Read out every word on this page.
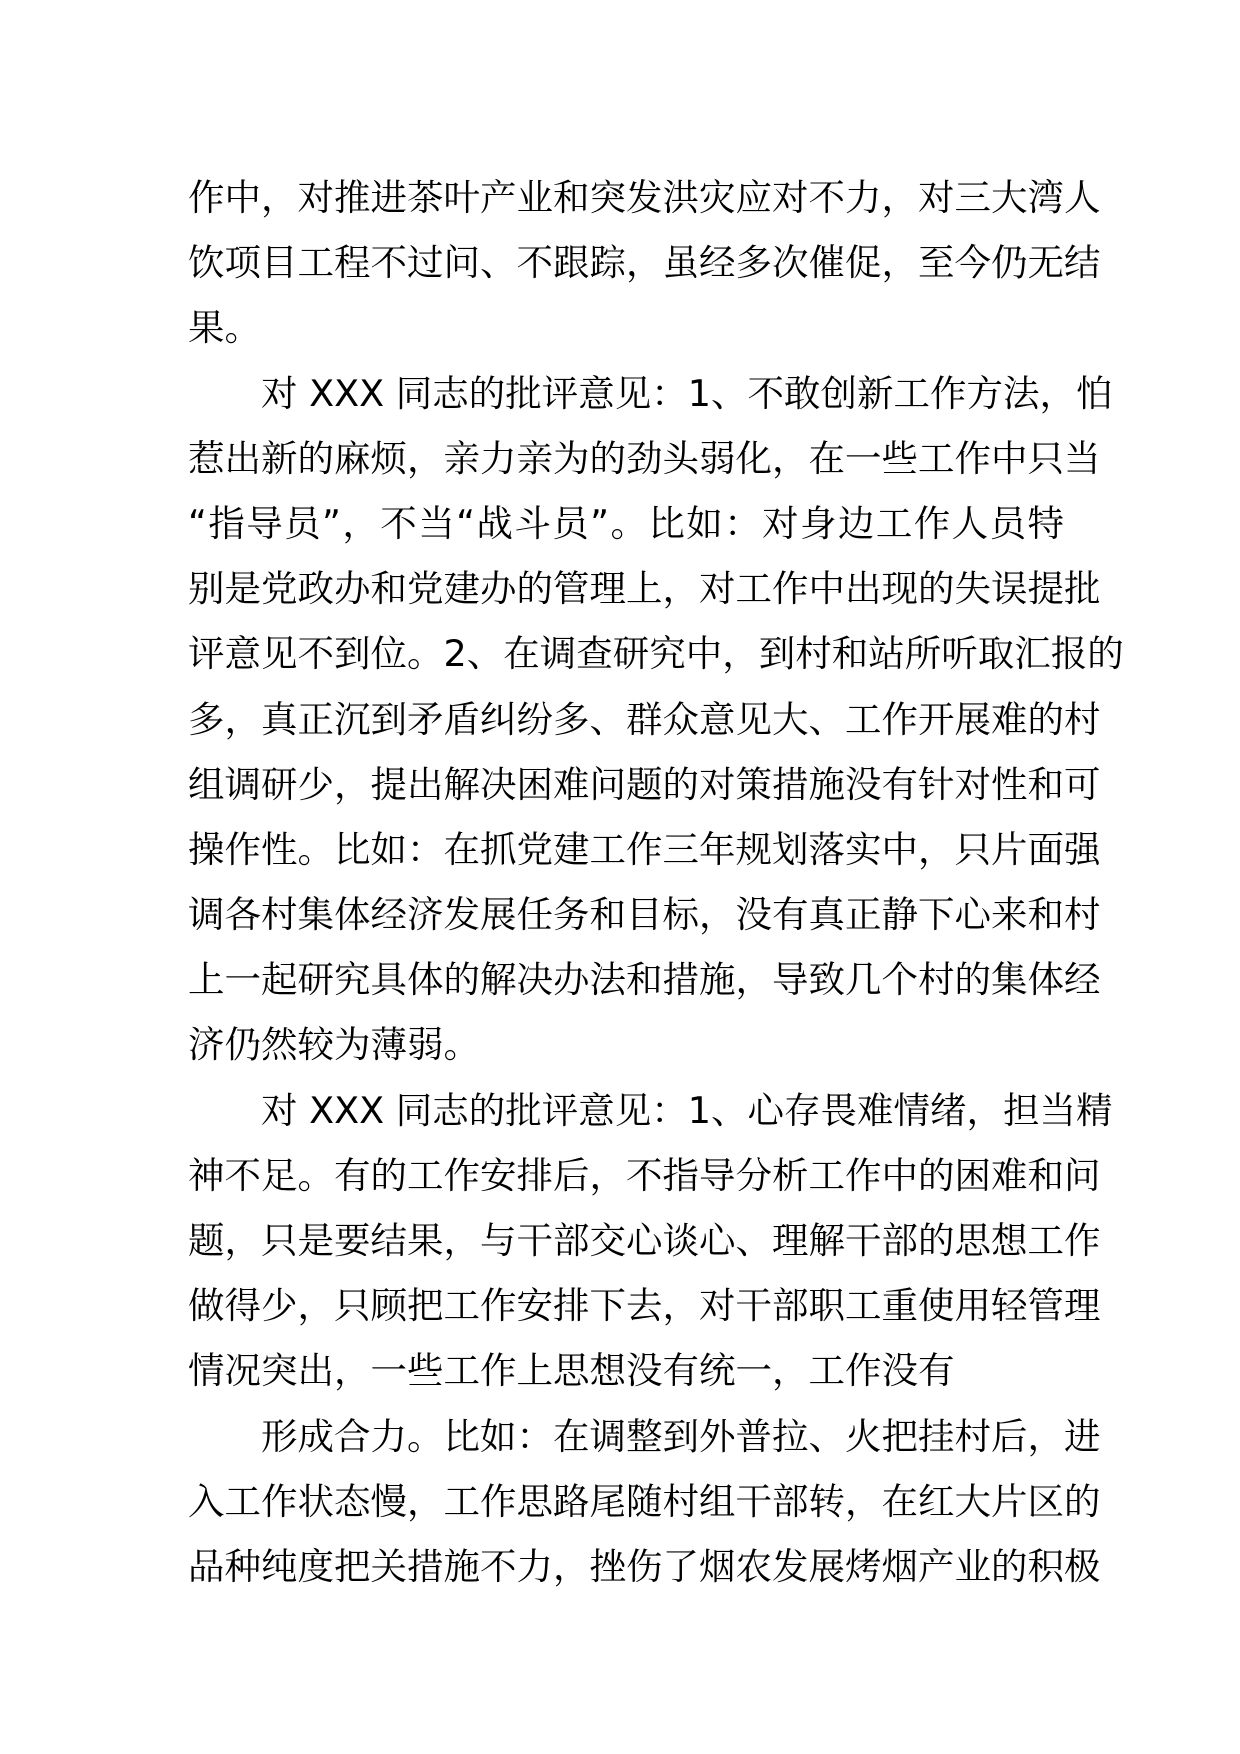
作中，对推进茶叶产业和突发洪灾应对不力，对三大湾人
饮项目工程不过问、不跟踪，虽经多次催促，至今仍无结
果。
对 XXX 同志的批评意见：1、不敢创新工作方法，怕
惹出新的麻烦，亲力亲为的劲头弱化，在一些工作中只当
“指导员”，不当“战斗员”。比如：对身边工作人员特
别是党政办和党建办的管理上，对工作中出现的失误提批
评意见不到位。2、在调查研究中，到村和站所听取汇报的
多，真正沉到矛盾纠纷多、群众意见大、工作开展难的村
组调研少，提出解决困难问题的对策措施没有针对性和可
操作性。比如：在抓党建工作三年规划落实中，只片面强
调各村集体经济发展任务和目标，没有真正静下心来和村
上一起研究具体的解决办法和措施，导致几个村的集体经
济仍然较为薄弱。
对 XXX 同志的批评意见：1、心存畏难情绪，担当精
神不足。有的工作安排后，不指导分析工作中的困难和问
题，只是要结果，与干部交心谈心、理解干部的思想工作
做得少，只顾把工作安排下去，对干部职工重使用轻管理
情况突出，一些工作上思想没有统一，工作没有
形成合力。比如：在调整到外普拉、火把挂村后，进
入工作状态慢，工作思路尾随村组干部转，在红大片区的
品种纯度把关措施不力，挫伤了烟农发展烤烟产业的积极
